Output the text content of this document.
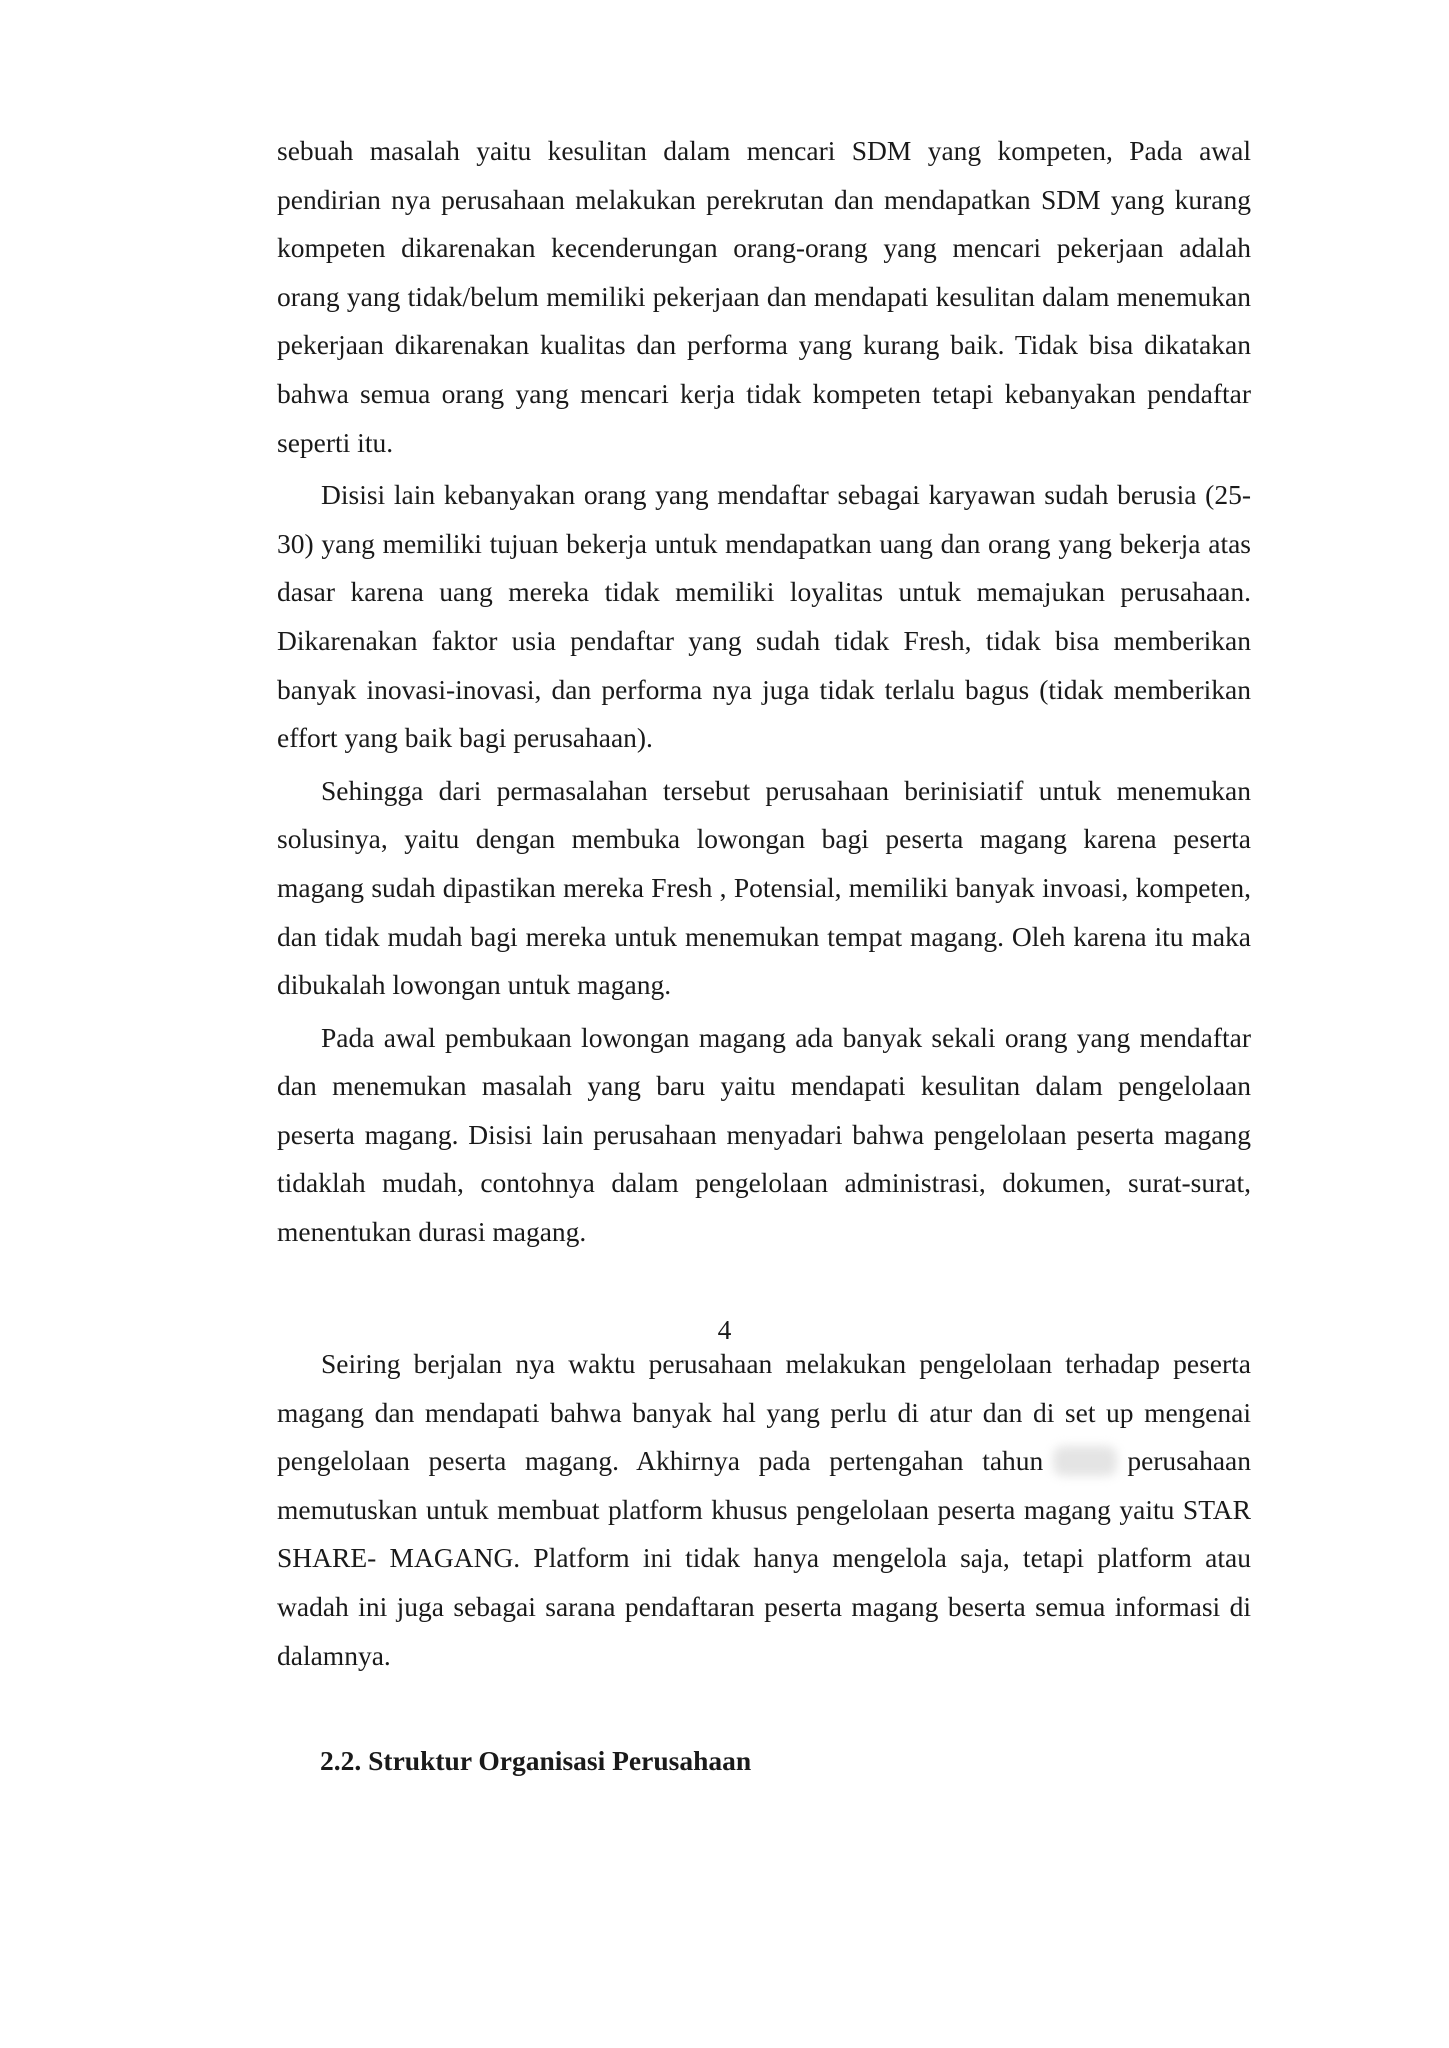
sebuah masalah yaitu kesulitan dalam mencari SDM yang kompeten, Pada awal pendirian nya perusahaan melakukan perekrutan dan mendapatkan SDM yang kurang kompeten dikarenakan kecenderungan orang-orang yang mencari pekerjaan adalah orang yang tidak/belum memiliki pekerjaan dan mendapati kesulitan dalam menemukan pekerjaan dikarenakan kualitas dan performa yang kurang baik. Tidak bisa dikatakan bahwa semua orang yang mencari kerja tidak kompeten tetapi kebanyakan pendaftar seperti itu.

Disisi lain kebanyakan orang yang mendaftar sebagai karyawan sudah berusia (25-30) yang memiliki tujuan bekerja untuk mendapatkan uang dan orang yang bekerja atas dasar karena uang mereka tidak memiliki loyalitas untuk memajukan perusahaan. Dikarenakan faktor usia pendaftar yang sudah tidak Fresh, tidak bisa memberikan banyak inovasi-inovasi, dan performa nya juga tidak terlalu bagus (tidak memberikan effort yang baik bagi perusahaan).

Sehingga dari permasalahan tersebut perusahaan berinisiatif untuk menemukan solusinya, yaitu dengan membuka lowongan bagi peserta magang karena peserta magang sudah dipastikan mereka Fresh , Potensial, memiliki banyak invoasi, kompeten, dan tidak mudah bagi mereka untuk menemukan tempat magang. Oleh karena itu maka dibukalah lowongan untuk magang.

Pada awal pembukaan lowongan magang ada banyak sekali orang yang mendaftar dan menemukan masalah yang baru yaitu mendapati kesulitan dalam pengelolaan peserta magang. Disisi lain perusahaan menyadari bahwa pengelolaan peserta magang tidaklah mudah, contohnya dalam pengelolaan administrasi, dokumen, surat-surat, menentukan durasi magang.

4

Seiring berjalan nya waktu perusahaan melakukan pengelolaan terhadap peserta magang dan mendapati bahwa banyak hal yang perlu di atur dan di set up mengenai pengelolaan peserta magang. Akhirnya pada pertengahan tahun	perusahaan memutuskan untuk membuat platform khusus pengelolaan peserta magang yaitu STAR SHARE- MAGANG. Platform ini tidak hanya mengelola saja, tetapi platform atau wadah ini juga sebagai sarana pendaftaran peserta magang beserta semua informasi di dalamnya.

2.2. Struktur Organisasi Perusahaan
